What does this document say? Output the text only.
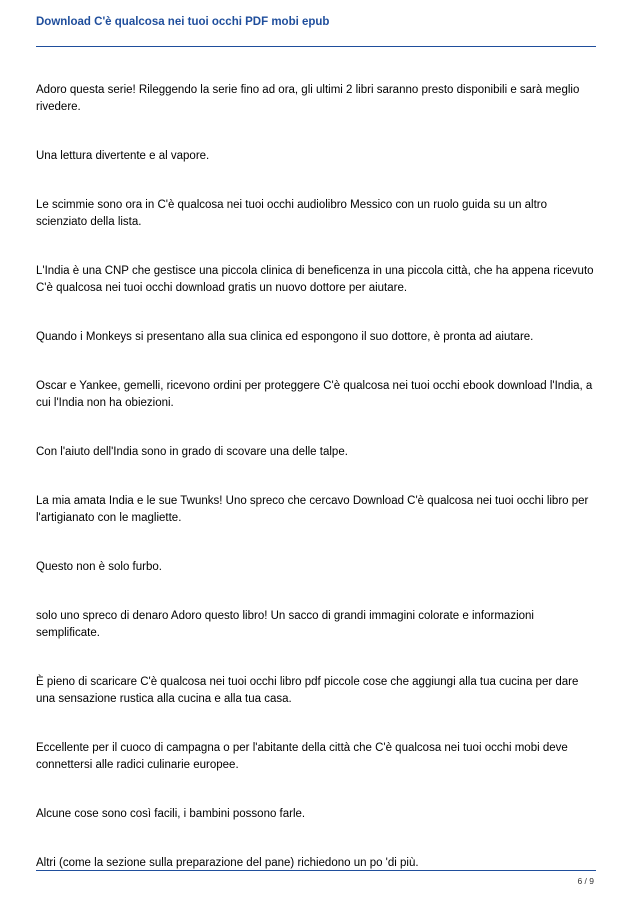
Download C'è qualcosa nei tuoi occhi PDF mobi epub

Adoro questa serie! Rileggendo la serie fino ad ora, gli ultimi 2 libri saranno presto disponibili e sarà meglio rivedere.

Una lettura divertente e al vapore.

Le scimmie sono ora in C'è qualcosa nei tuoi occhi audiolibro Messico con un ruolo guida su un altro scienziato della lista.

L'India è una CNP che gestisce una piccola clinica di beneficenza in una piccola città, che ha appena ricevuto C'è qualcosa nei tuoi occhi download gratis un nuovo dottore per aiutare.

Quando i Monkeys si presentano alla sua clinica ed espongono il suo dottore, è pronta ad aiutare.

Oscar e Yankee, gemelli, ricevono ordini per proteggere C'è qualcosa nei tuoi occhi ebook download l'India, a cui l'India non ha obiezioni.

Con l'aiuto dell'India sono in grado di scovare una delle talpe.

La mia amata India e le sue Twunks! Uno spreco che cercavo Download C'è qualcosa nei tuoi occhi libro per l'artigianato con le magliette.

Questo non è solo furbo.

solo uno spreco di denaro Adoro questo libro! Un sacco di grandi immagini colorate e informazioni semplificate.

È pieno di scaricare C'è qualcosa nei tuoi occhi libro pdf piccole cose che aggiungi alla tua cucina per dare una sensazione rustica alla cucina e alla tua casa.

Eccellente per il cuoco di campagna o per l'abitante della città che C'è qualcosa nei tuoi occhi mobi deve connettersi alle radici culinarie europee.

Alcune cose sono così facili, i bambini possono farle.

Altri (come la sezione sulla preparazione del pane) richiedono un po 'di più.

6 / 9
